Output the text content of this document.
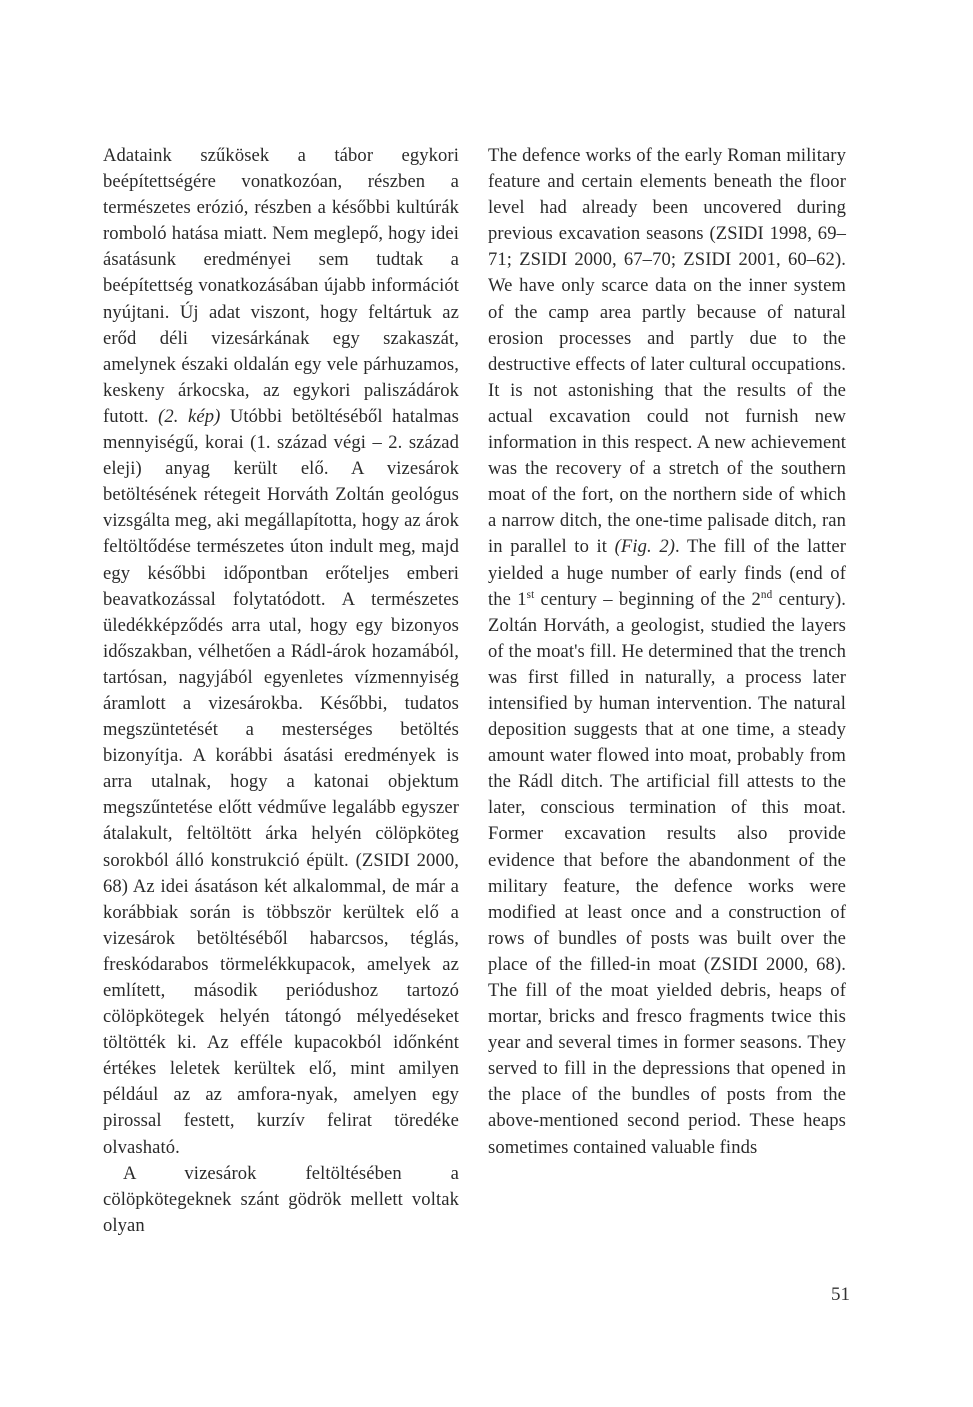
Adataink szűkösek a tábor egykori beépítettségére vonatkozóan, részben a természetes erózió, részben a későbbi kultúrák romboló hatása miatt. Nem meglepő, hogy idei ásatásunk eredményei sem tudtak a beépítettség vonatkozásában újabb információt nyújtani. Új adat viszont, hogy feltártuk az erőd déli vizesárkának egy szakaszát, amelynek északi oldalán egy vele párhuzamos, keskeny árkocska, az egykori paliszádárok futott. (2. kép) Utóbbi betöltéséből hatalmas mennyiségű, korai (1. század végi – 2. század eleji) anyag került elő. A vizesárok betöltésének rétegeit Horváth Zoltán geológus vizsgálta meg, aki megállapította, hogy az árok feltöltődése természetes úton indult meg, majd egy későbbi időpontban erőteljes emberi beavatkozással folytatódott. A természetes üledékképződés arra utal, hogy egy bizonyos időszakban, vélhetően a Rádl-árok hozamából, tartósan, nagyjából egyenletes vízmennyiség áramlott a vizesárokba. Későbbi, tudatos megszüntetését a mesterséges betöltés bizonyítja. A korábbi ásatási eredmények is arra utalnak, hogy a katonai objektum megszűntetése előtt védműve legalább egyszer átalakult, feltöltött árka helyén cölöpköteg sorokból álló konstrukció épült. (ZSIDI 2000, 68) Az idei ásatáson két alkalommal, de már a korábbiak során is többször kerültek elő a vizesárok betöltéséből habarcsos, téglás, freskódarabos törmelékkupacok, amelyek az említett, második periódushoz tartozó cölöpkötegek helyén tátongó mélyedéseket töltötték ki. Az efféle kupacokból időnként értékes leletek kerültek elő, mint amilyen például az az amfora-nyak, amelyen egy pirossal festett, kurzív felirat töredéke olvasható.

A vizesárok feltöltésében a cölöpkötegeknek szánt gödrök mellett voltak olyan

The defence works of the early Roman military feature and certain elements beneath the floor level had already been uncovered during previous excavation seasons (ZSIDI 1998, 69–71; ZSIDI 2000, 67–70; ZSIDI 2001, 60–62). We have only scarce data on the inner system of the camp area partly because of natural erosion processes and partly due to the destructive effects of later cultural occupations. It is not astonishing that the results of the actual excavation could not furnish new information in this respect. A new achievement was the recovery of a stretch of the southern moat of the fort, on the northern side of which a narrow ditch, the one-time palisade ditch, ran in parallel to it (Fig. 2). The fill of the latter yielded a huge number of early finds (end of the 1st century – beginning of the 2nd century). Zoltán Horváth, a geologist, studied the layers of the moat's fill. He determined that the trench was first filled in naturally, a process later intensified by human intervention. The natural deposition suggests that at one time, a steady amount water flowed into moat, probably from the Rádl ditch. The artificial fill attests to the later, conscious termination of this moat. Former excavation results also provide evidence that before the abandonment of the military feature, the defence works were modified at least once and a construction of rows of bundles of posts was built over the place of the filled-in moat (ZSIDI 2000, 68). The fill of the moat yielded debris, heaps of mortar, bricks and fresco fragments twice this year and several times in former seasons. They served to fill in the depressions that opened in the place of the bundles of posts from the above-mentioned second period. These heaps sometimes contained valuable finds

51
